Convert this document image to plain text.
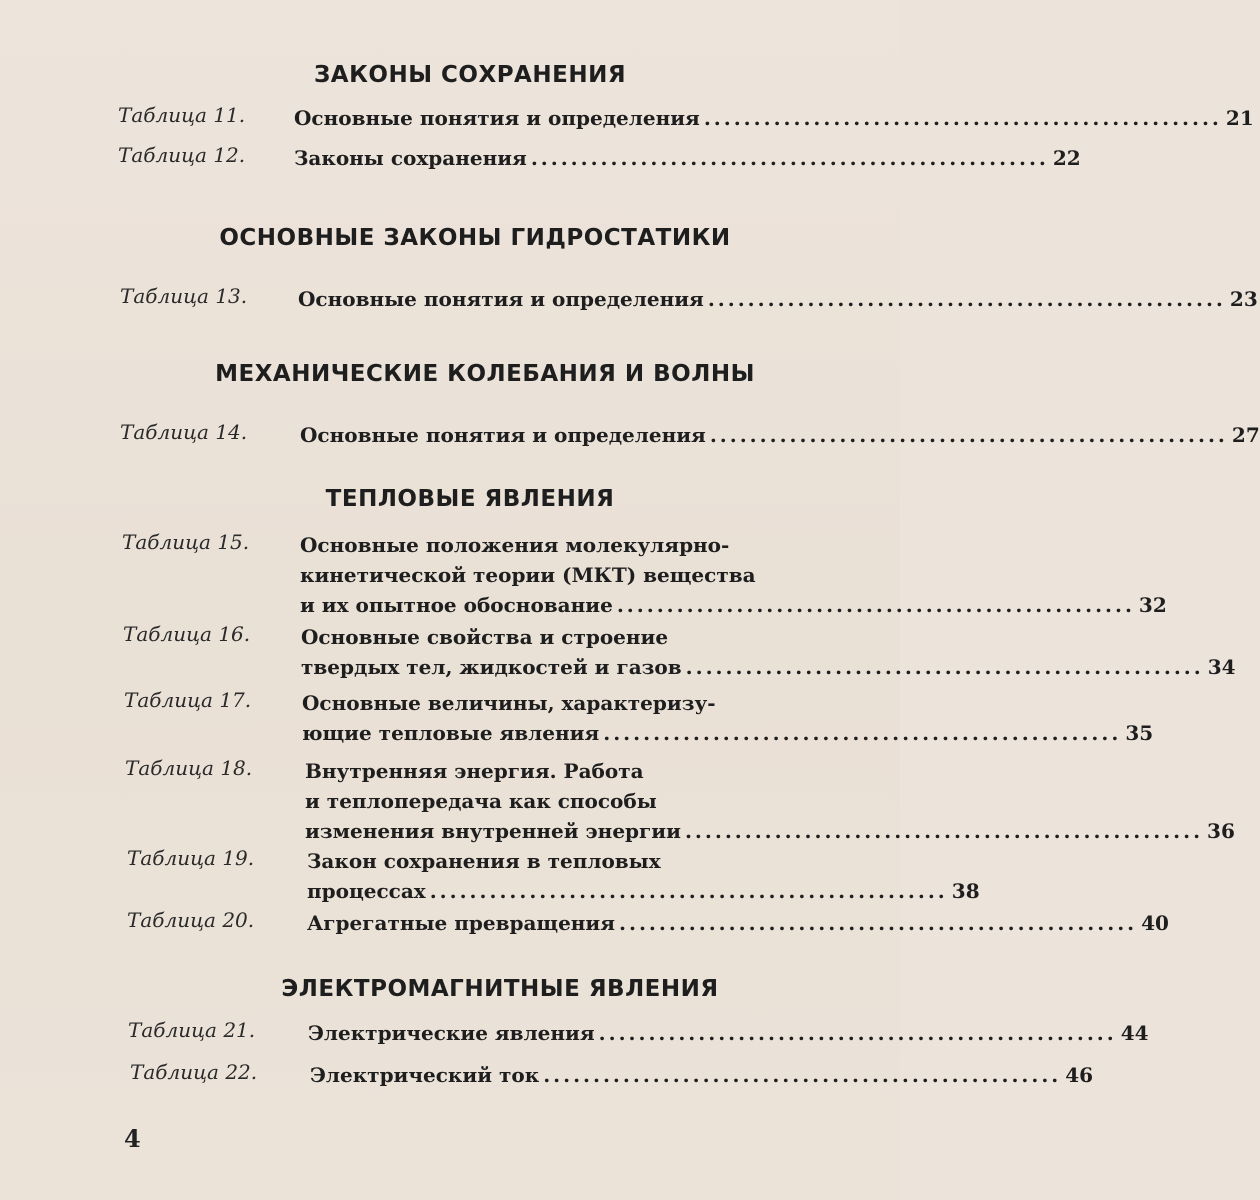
ЗАКОНЫ СОХРАНЕНИЯ
Таблица 11. Основные понятия и определения .................................................... 21
Таблица 12. Законы сохранения .................................................... 22
ОСНОВНЫЕ ЗАКОНЫ ГИДРОСТАТИКИ
Таблица 13.	Основные понятия и определения .................................................... 23
МЕХАНИЧЕСКИЕ КОЛЕБАНИЯ И ВОЛНЫ
Таблица 14.	Основные понятия и определения .................................................... 27
ТЕПЛОВЫЕ ЯВЛЕНИЯ
Таблица 15.	Основные положения молекулярно-
кинетической теории (МКТ) вещества
и их опытное обоснование .................................................... 32
Таблица 16.	Основные свойства и строение
твердых тел, жидкостей и газов .................................................... 34
Таблица 17.	Основные величины, характеризу-
ющие тепловые явления .................................................... 35
Таблица 18.	Внутренняя энергия. Работа
и теплопередача как способы
изменения внутренней энергии .................................................... 36
Таблица 19.	Закон сохранения в тепловых
процессах .................................................... 38
Таблица 20.	Агрегатные превращения .................................................... 40
ЭЛЕКТРОМАГНИТНЫЕ ЯВЛЕНИЯ
Таблица 21.	Электрические явления .................................................... 44
Таблица 22.	Электрический ток .................................................... 46
4
